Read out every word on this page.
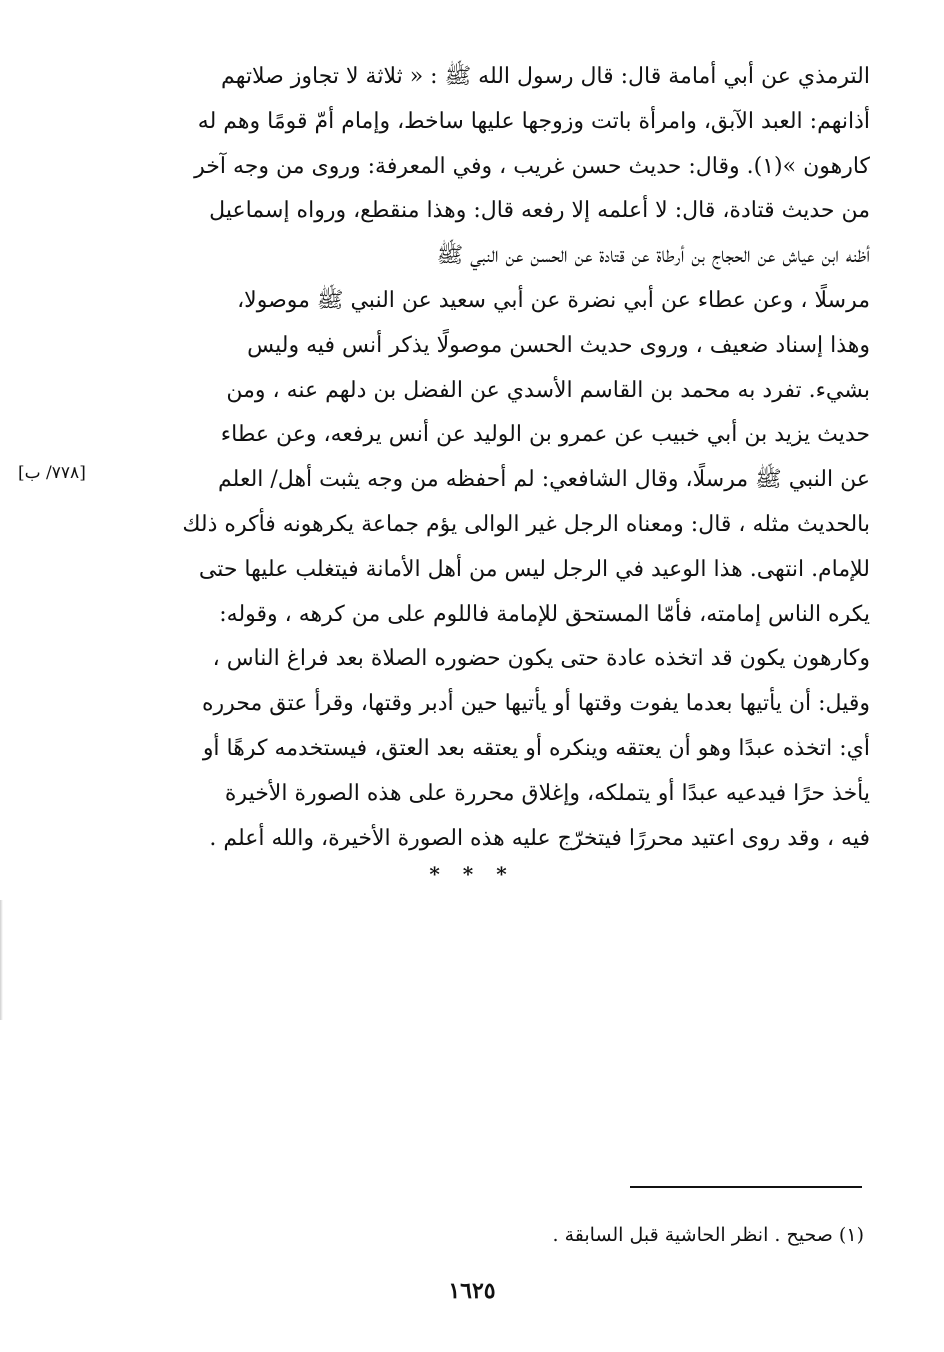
الترمذي عن أبي أمامة قال: قال رسول الله ﷺ : « ثلاثة لا تجاوز صلاتهم
أذانهم: العبد الآبق، وامرأة باتت وزوجها عليها ساخط، وإمام أمّ قومًا وهم له
كارهون »(١). وقال: حديث حسن غريب ، وفي المعرفة: وروى من وجه آخر
من حديث قتادة، قال: لا أعلمه إلا رفعه قال: وهذا منقطع، ورواه إسماعيل
أظنه ابن عياش عن الحجاج بن أرطاة عن قتادة عن الحسن عن النبي ﷺ
مرسلًا ، وعن عطاء عن أبي نضرة عن أبي سعيد عن النبي ﷺ موصولا،
وهذا إسناد ضعيف ، وروى حديث الحسن موصولًا يذكر أنس فيه وليس
بشيء. تفرد به محمد بن القاسم الأسدي عن الفضل بن دلهم عنه ، ومن
حديث يزيد بن أبي خبيب عن عمرو بن الوليد عن أنس يرفعه، وعن عطاء
عن النبي ﷺ مرسلًا، وقال الشافعي: لم أحفظه من وجه يثبت أهل/ العلم
بالحديث مثله ، قال: ومعناه الرجل غير الوالى يؤم جماعة يكرهونه فأكره ذلك
للإمام. انتهى. هذا الوعيد في الرجل ليس من أهل الأمانة فيتغلب عليها حتى
يكره الناس إمامته، فأمّا المستحق للإمامة فاللوم على من كرهه ، وقوله:
وكارهون يكون قد اتخذه عادة حتى يكون حضوره الصلاة بعد فراغ الناس ،
وقيل: أن يأتيها بعدما يفوت وقتها أو يأتيها حين أدبر وقتها، وقرأ عتق محرره
أي: اتخذه عبدًا وهو أن يعتقه وينكره أو يعتقه بعد العتق، فيستخدمه كرهًا أو
يأخذ حرًا فيدعيه عبدًا أو يتملكه، وإغلاق محررة على هذه الصورة الأخيرة
فيه ، وقد روى اعتيد محررًا فيتخرّج عليه هذه الصورة الأخيرة، والله أعلم .
[٧٧٨/ ب]
* * *
(١) صحيح . انظر الحاشية قبل السابقة .
١٦٢٥
